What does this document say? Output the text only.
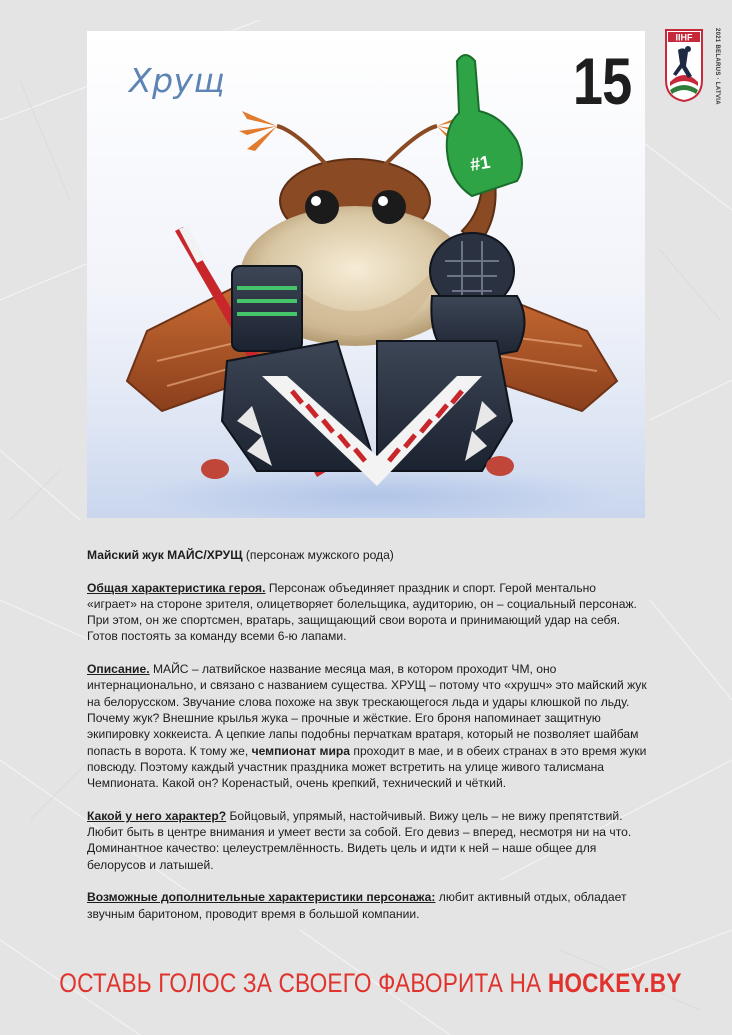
#1
Хрущ	15
IIHF	2021 BELARUS · LATVIA

Майский жук МАЙС/ХРУЩ (персонаж мужского рода)

Общая характеристика героя. Персонаж объединяет праздник и спорт. Герой ментально «играет» на стороне зрителя, олицетворяет болельщика, аудиторию, он – социальный персонаж. При этом, он же спортсмен, вратарь, защищающий свои ворота и принимающий удар на себя. Готов постоять за команду всеми 6-ю лапами.

Описание. МАЙС – латвийское название месяца мая, в котором проходит ЧМ, оно интернационально, и связано с названием существа. ХРУЩ – потому что «хрушч» это майский жук на белорусском. Звучание слова похоже на звук трескающегося льда и удары клюшкой по льду. Почему жук? Внешние крылья жука – прочные и жёсткие. Его броня напоминает защитную экипировку хоккеиста. А цепкие лапы подобны перчаткам вратаря, который не позволяет шайбам попасть в ворота. К тому же, чемпионат мира проходит в мае, и в обеих странах в это время жуки повсюду. Поэтому каждый участник праздника может встретить на улице живого талисмана Чемпионата. Какой он? Коренастый, очень крепкий, технический и чёткий.

Какой у него характер? Бойцовый, упрямый, настойчивый. Вижу цель – не вижу препятствий. Любит быть в центре внимания и умеет вести за собой. Его девиз – вперед, несмотря ни на что.
Доминантное качество: целеустремлённость. Видеть цель и идти к ней – наше общее для белорусов и латышей.

Возможные дополнительные характеристики персонажа: любит активный отдых, обладает звучным баритоном, проводит время в большой компании.

ОСТАВЬ ГОЛОС ЗА СВОЕГО ФАВОРИТА НА HOCKEY.BY
